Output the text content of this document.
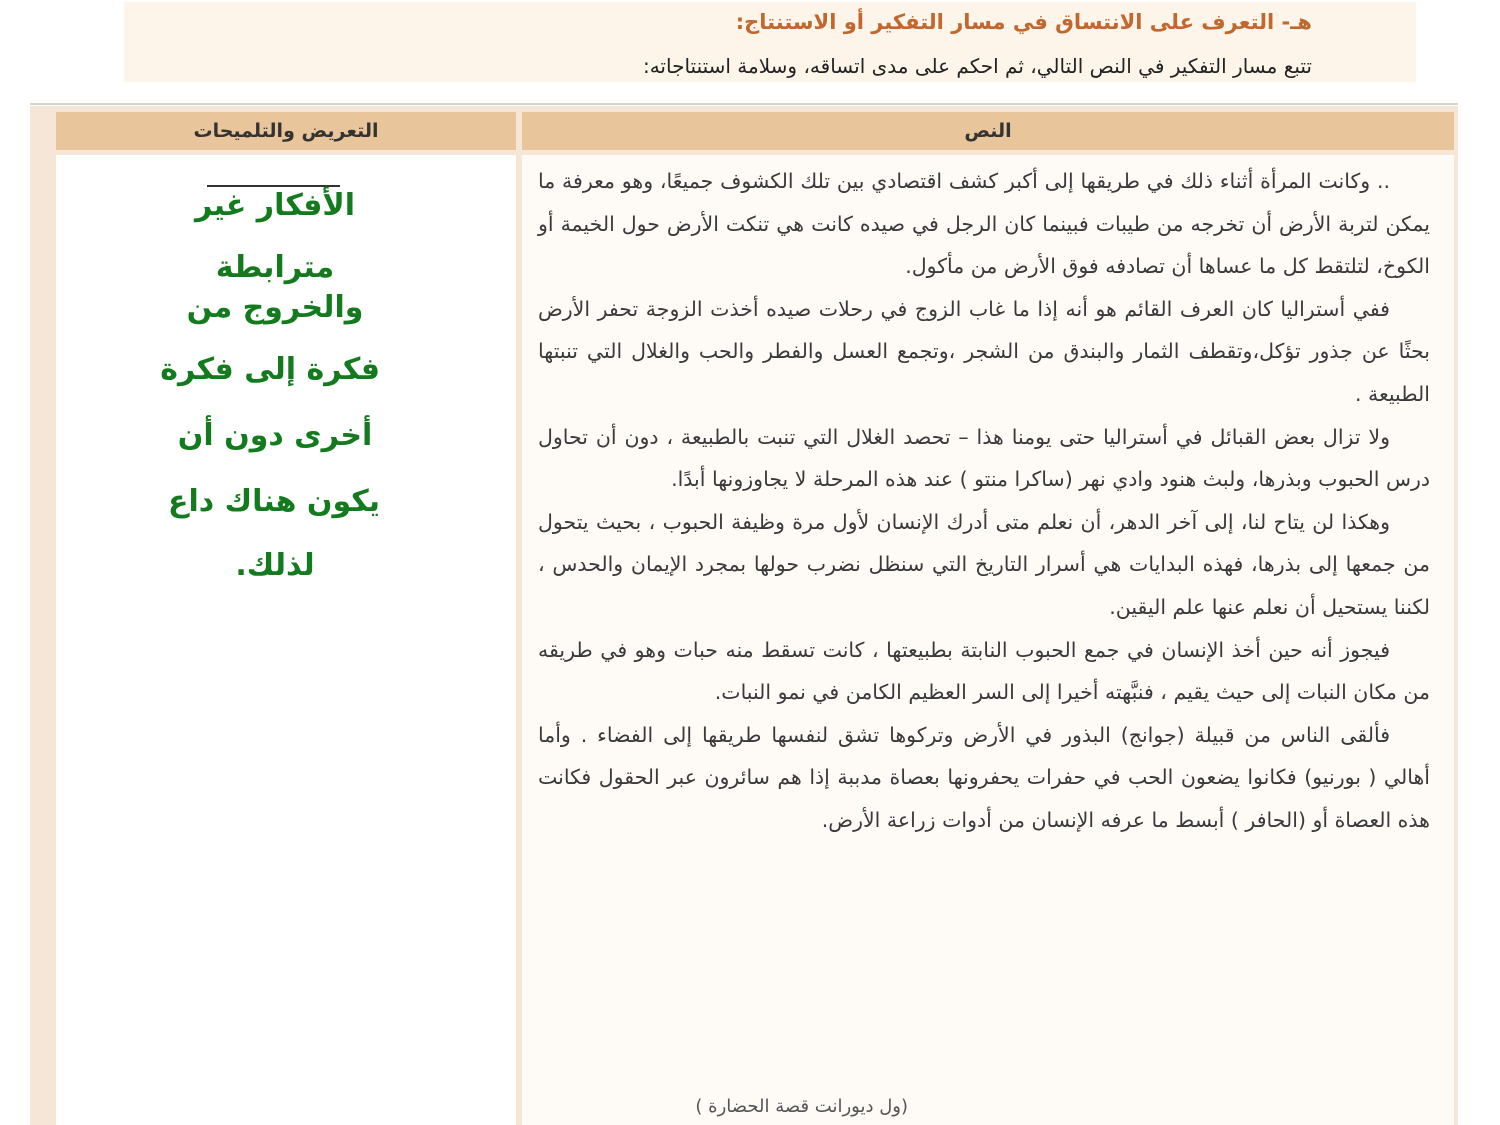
هـ- التعرف على الانتساق في مسار التفكير أو الاستنتاج:
تتبع مسار التفكير في النص التالي، ثم احكم على مدى اتساقه، وسلامة استنتاجاته:
التعريض والتلميحات	النص
الأفكار غير
مترابطة
والخروج من
فكرة إلى فكرة
أخرى دون أن
يكون هناك داع
لذلك.

.. وكانت المرأة أثناء ذلك في طريقها إلى أكبر كشف اقتصادي بين تلك الكشوف جميعًا، وهو معرفة ما يمكن لتربة الأرض أن تخرجه من طيبات فبينما كان الرجل في صيده كانت هي تنكت الأرض حول الخيمة أو الكوخ، لتلتقط كل ما عساها أن تصادفه فوق الأرض من مأكول.

ففي أستراليا كان العرف القائم هو أنه إذا ما غاب الزوج في رحلات صيده أخذت الزوجة تحفر الأرض بحثًا عن جذور تؤكل،وتقطف الثمار والبندق من الشجر ،وتجمع العسل والفطر والحب والغلال التي تنبتها الطبيعة .

ولا تزال بعض القبائل في أستراليا حتى يومنا هذا – تحصد الغلال التي تنبت بالطبيعة ، دون أن تحاول درس الحبوب وبذرها، ولبث هنود وادي نهر (ساكرا منتو ) عند هذه المرحلة لا يجاوزونها أبدًا.

وهكذا لن يتاح لنا، إلى آخر الدهر، أن نعلم متى أدرك الإنسان لأول مرة وظيفة الحبوب ، بحيث يتحول من جمعها إلى بذرها، فهذه البدايات هي أسرار التاريخ التي سنظل نضرب حولها بمجرد الإيمان والحدس ، لكننا يستحيل أن نعلم عنها علم اليقين.

فيجوز أنه حين أخذ الإنسان في جمع الحبوب النابتة بطبيعتها ، كانت تسقط منه حبات وهو في طريقه من مكان النبات إلى حيث يقيم ، فنبَّهته أخيرا إلى السر العظيم الكامن في نمو النبات.

فألقى الناس من قبيلة (جوانج) البذور في الأرض وتركوها تشق لنفسها طريقها إلى الفضاء . وأما أهالي ( بورنيو) فكانوا يضعون الحب في حفرات يحفرونها بعصاة مدببة إذا هم سائرون عبر الحقول فكانت هذه العصاة أو (الحافر ) أبسط ما عرفه الإنسان من أدوات زراعة الأرض.

(ول ديورانت قصة الحضارة )
